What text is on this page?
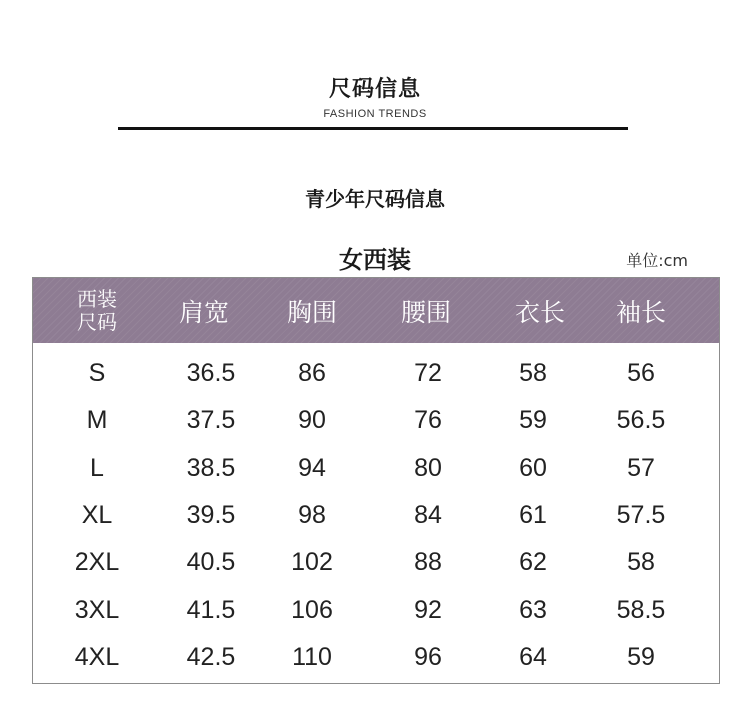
尺码信息
FASHION TRENDS
青少年尺码信息
女西装	单位:cm
西装
尺码	肩宽	胸围	腰围	衣长	袖长
S	36.5	86	72	58	56
M	37.5	90	76	59	56.5
L	38.5	94	80	60	57
XL	39.5	98	84	61	57.5
2XL	40.5	102	88	62	58
3XL	41.5	106	92	63	58.5
4XL	42.5	110	96	64	59
